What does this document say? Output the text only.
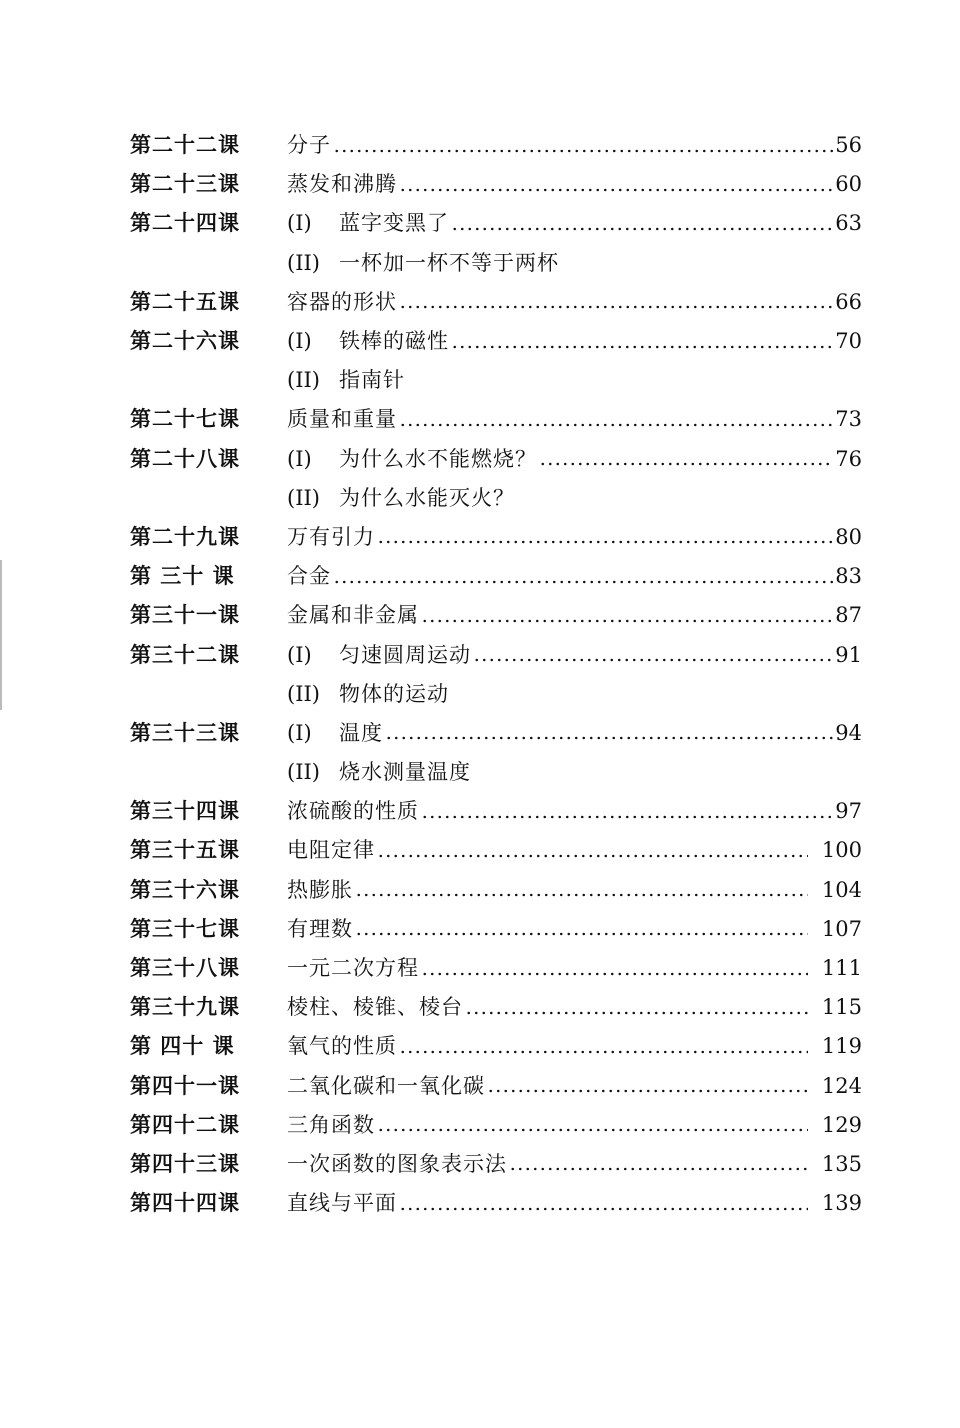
第二十二课	分子	56
第二十三课	蒸发和沸腾	60
第二十四课	(I)	蓝字变黑了	63
(II) 一杯加一杯不等于两杯
第二十五课	容器的形状	66
第二十六课	(I)	铁棒的磁性	70
(II) 指南针
第二十七课	质量和重量	73
第二十八课	(I)	为什么水不能燃烧？	76
(II) 为什么水能灭火？
第二十九课	万有引力	80
第 三十 课	合金	83
第三十一课	金属和非金属	87
第三十二课	(I)	匀速圆周运动	91
(II) 物体的运动
第三十三课	(I)	温度	94
(II) 烧水测量温度
第三十四课	浓硫酸的性质	97
第三十五课	电阻定律	100
第三十六课	热膨胀	104
第三十七课	有理数	107
第三十八课	一元二次方程	111
第三十九课	棱柱、棱锥、棱台	115
第 四十 课	氧气的性质	119
第四十一课	二氧化碳和一氧化碳	124
第四十二课	三角函数	129
第四十三课	一次函数的图象表示法	135
第四十四课	直线与平面	139
